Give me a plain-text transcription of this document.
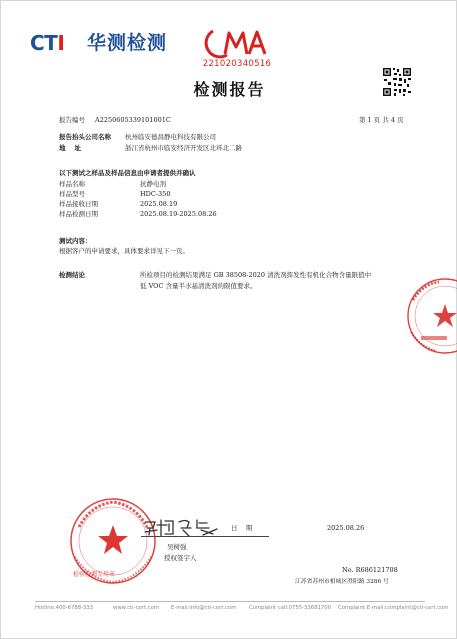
CTI 华测检测
221020340516
检测报告
报告编号 A2250605339101001C	第 1 页 共 4 页
报告抬头公司名称 杭州临安德昌静电科技有限公司
地    址	浙江省杭州市临安经济开发区北环北二路
以下测试之样品及样品信息由申请者提供并确认
样品名称	抗静电剂
样品型号	HDC-350
样品接收日期	2025.08.19
样品检测日期	2025.08.19-2025.08.26
测试内容：
根据客户的申请要求，具体要求详见下一页。
检测结论	所检项目的检测结果满足 GB 38508-2020 清洗剂挥发性有机化合物含量限值中
低 VOC 含量半水基清洗剂的限值要求。
检验检测专用章
日    期	2025.08.26
吴树强
授权签字人
No. R686121708
江苏省苏州市相城区澄阳路 3286 号
Hotline:400-6788-333	www.cti-cert.com E-mail:info@cti-cert.com Complaint call:0755-33681700 Complaint E-mail:complaint@cti-cert.com
